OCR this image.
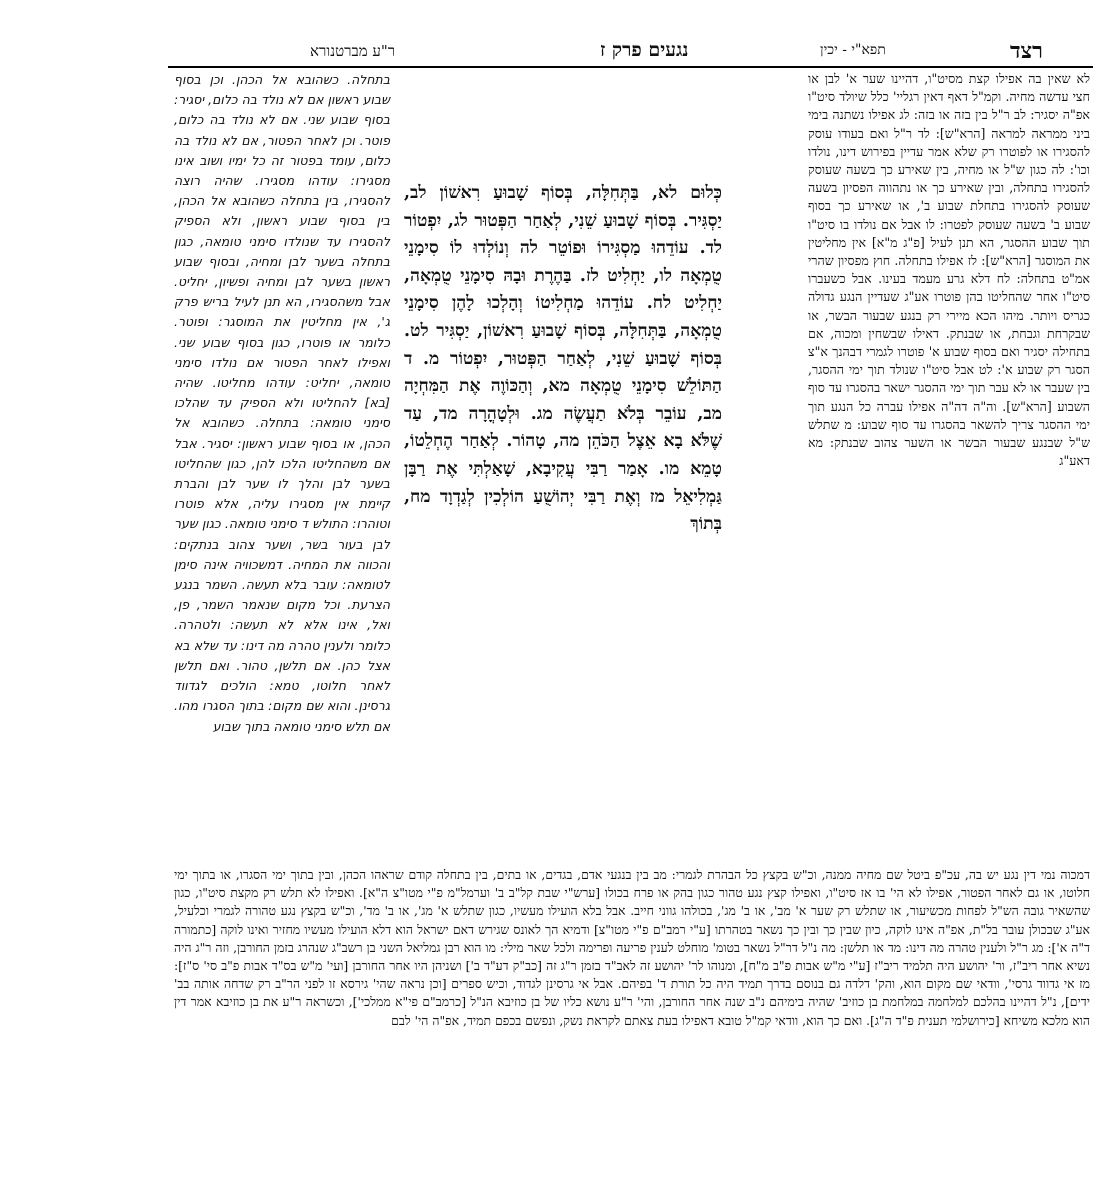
רצד
תפא"י - יכין
נגעים פרק ז
ר"ע מברטנורא

לא שאין בה אפילו קצת מסיט"ו, דהיינו שער א' לבן או חצי עדשה מחיה. וקמ"ל דאף דאין רגליי' כלל שיולד סיט"ו אפ"ה יסגיר: לב ר"ל בין בזה או בזה: לג אפילו נשתנה בימי ביני ממראה למראה [הרא"ש]: לד ר"ל ואם בעודו עוסק להסגירו או לפוטרו רק שלא אמר עדיין בפירוש דינו, נולדו וכו': לה כגון ש"ל או מחיה, בין שאירע כך בשעה שעוסק להסגירו בתחלה, ובין שאירע כך או נתהווה הפסיון בשעה שעוסק להסגירו בתחלת שבוע ב', או שאירע כך בסוף שבוע ב' בשעה שעוסק לפטרו: לו אבל אם נולדו בו סיט"ו תוך שבוע ההסגר, הא תנן לעיל [פ"ג מ"א] אין מחליטין את המוסגר [הרא"ש]: לז אפילו בתחלה. חוץ מפסיון שהרי אמ"ט בתחלה: לח דלא גרע מעמד בעינו. אבל כשעברו סיט"ו אחר שהחליטו בהן פוטרו אע"ג שעדיין הנגע גדולה כגריס ויותר. מיהו הכא מיירי רק בנגע שבעור הבשר, או שבקרחת וגבחת, או שבנתק. דאילו שבשחין ומכוה, אם בתחילה יסגיר ואם בסוף שבוע א' פוטרו לגמרי דבהנך א"צ הסגר רק שבוע א': לט אבל סיט"ו שנולד תוך ימי ההסגר, בין שעבר או לא עבר תוך ימי ההסגר ישאר בהסגרו עד סוף השבוע [הרא"ש]. וה"ה דה"ה אפילו עברה כל הנגע תוך ימי ההסגר צריך להשאר בהסגרו עד סוף שבוע: מ שתלש ש"ל שבנגע שבעור הבשר או השער צהוב שבנתק: מא דאע"ג

כְּלוּם לא, בַּתְּחִלָּה, בְּסוֹף שָׁבוּעַ רִאשׁוֹן לב, יַסְגִּיר. בְּסוֹף שָׁבוּעַ שֵׁנִי, לְאַחַר הַפְּטוּר לג, יִפְטוֹר לד. עוֹדֵהוּ מַסְגִּירוֹ וּפוֹטֵר לה וְנוֹלְדוּ לוֹ סִימָנֵי טֻמְאָה לו, יַחְלִיט לז. בַּהֶרֶת וּבָהּ סִימָנֵי טֻמְאָה, יַחְלִיט לח. עוֹדֵהוּ מַחְלִיטוֹ וְהָלְכוּ לָהֶן סִימָנֵי טֻמְאָה, בַּתְּחִלָּה, בְּסוֹף שָׁבוּעַ רִאשׁוֹן, יַסְגִּיר לט. בְּסוֹף שָׁבוּעַ שֵׁנִי, לְאַחַר הַפְּטוּר, יִפְטוֹר מ. ד הַתּוֹלֵשׁ סִימָנֵי טֻמְאָה מא, וְהַכּוֹוֶה אֶת הַמִּחְיָה מב, עוֹבֵר בְּלֹא תַעֲשֶׂה מג. וּלְטָהֳרָה מד, עַד שֶׁלֹּא בָא אֵצֶל הַכֹּהֵן מה, טָהוֹר. לְאַחַר הֶחְלֵטוֹ, טָמֵא מו. אָמַר רַבִּי עֲקִיבָא, שָׁאַלְתִּי אֶת רַבָּן גַּמְלִיאֵל מז וְאֶת רַבִּי יְהוֹשֻׁעַ הוֹלְכִין לְגַדְוָד מח, בְּתוֹךְ

בתחלה. כשהובא אל הכהן. וכן בסוף שבוע ראשון אם לא נולד בה כלום, יסגיר: בסוף שבוע שני. אם לא נולד בה כלום, פוטר. וכן לאחר הפטור, אם לא נולד בה כלום, עומד בפטור זה כל ימיו ושוב אינו מסגירו: עודהו מסגירו. שהיה רוצה להסגירו, בין בתחלה כשהובא אל הכהן, בין בסוף שבוע ראשון, ולא הספיק להסגירו עד שנולדו סימני טומאה, כגון בתחלה בשער לבן ומחיה, ובסוף שבוע ראשון בשער לבן ומחיה ופשיון, יחליט. אבל משהסגירו, הא תנן לעיל בריש פרק ג', אין מחליטין את המוסגר: ופוטר. כלומר או פוטרו, כגון בסוף שבוע שני. ואפילו לאחר הפטור אם נולדו סימני טומאה, יחליט: עודהו מחליטו. שהיה [בא] להחליטו ולא הספיק עד שהלכו סימני טומאה: בתחלה. כשהובא אל הכהן, או בסוף שבוע ראשון: יסגיר. אבל אם משהחליטו הלכו להן, כגון שהחליטו בשער לבן והלך לו שער לבן והברת קיימת אין מסגירו עליה, אלא פוטרו וטוהרו: התולש ד סימני טומאה. כגון שער לבן בעור בשר, ושער צהוב בנתקים: והכווה את המחיה. דמשכוויה אינה סימן לטומאה: עובר בלא תעשה. השמר בנגע הצרעת. וכל מקום שנאמר השמר, פן, ואל, אינו אלא לא תעשה: ולטהרה. כלומר ולענין טהרה מה דינו: עד שלא בא אצל כהן. אם תלשן, טהור. ואם תלשן לאחר חלוטו, טמא: הולכים לגדווד גרסינן. והוא שם מקום: בתוך הסגרו מהו. אם תלש סימני טומאה בתוך שבוע

דמכוה נמי דין נגע יש בה, עכ"פ ביטל שם מחיה ממנה, וכ"ש בקצץ כל הבהרת לגמרי: מב בין בנגעי אדם, בגדים, או בתים, בין בתחלה קודם שראהו הכהן, ובין בתוך ימי הסגרו, או בתוך ימי חלוטו, או גם לאחר הפטור, אפילו לא הי' בו אז סיט"ו, ואפילו קצץ נגע טהור כגון בהק או פרח בכולו [ערש"י שבת קל"ב ב' וערמל"מ פ"י מטו"צ ה"א]. ואפילו לא תלש רק מקצת סיט"ו, כגון שהשאיר גובה הש"ל לפחות מכשיעור, או שתלש רק שער א' מב', או ב' מג', בכולהו גווני חייב. אבל בלא הועילו מעשיו, כגון שתלש א' מג', או ב' מד', וכ"ש בקצץ נגע טהורה לגמרי וכלעיל, אע"ג שבכולן עובר בל"ת, אפ"ה אינו לוקה, כיון שבין כך ובין כך נשאר בטהרתו [ע"י רמב"ם פ"י מטו"צ] ודמיא הך לאונס שגירש דאם ישראל הוא דלא הועילו מעשיו מחזיר ואינו לוקה [כתמורה ד"ה א']: מג ר"ל ולענין טהרה מה דינו: מד או תלשן: מה נ"ל דר"ל נשאר בטומ' מוחלט לענין פריעה ופרימה ולכל שאר מילי: מו הוא רבן גמליאל השני בן רשב"ג שנהרג בזמן החורבן, וזה ר"ג היה נשיא אחר ריב"ז, ור' יהושע היה תלמיד ריב"ז [ע"י מ"ש אבות פ"ב מ"ח], ומנוהו לר' יהושע זה לאב"ד בזמן ר"ג זה [כב"ק דע"ד ב'] ושניהן היו אחר החורבן [ועי' מ"ש בס"ד אבות פ"ב סי' ס"ז]: מז אי גדווד גרסי', וודאי שם מקום הוא, והק' דלדה גם בנוסם בדרך תמיד היה כל תורת ד' בפיהם. אבל אי גרסינן לגדוד, וכיש ספרים [וכן נראה שהי' גירסא זו לפני הר"ב רק שדחה אותה בב' ידים], נ"ל דהיינו בהלכם למלחמה במלחמת בן כוזיב' שהיה בימיהם נ"ב שנה אחר החורבן, והי' ר"ע נושא כליו של בן כוזיבא הנ"ל [כרמב"ם פי"א ממלכי'], וכשראה ר"ע את בן כוזיבא אמר דין הוא מלכא משיחא [כירושלמי תענית פ"ד ה"ג]. ואם כך הוא, וודאי קמ"ל טובא דאפילו בעת צאתם לקראת נשק, ונפשם בכפם תמיד, אפ"ה הי' לבם
